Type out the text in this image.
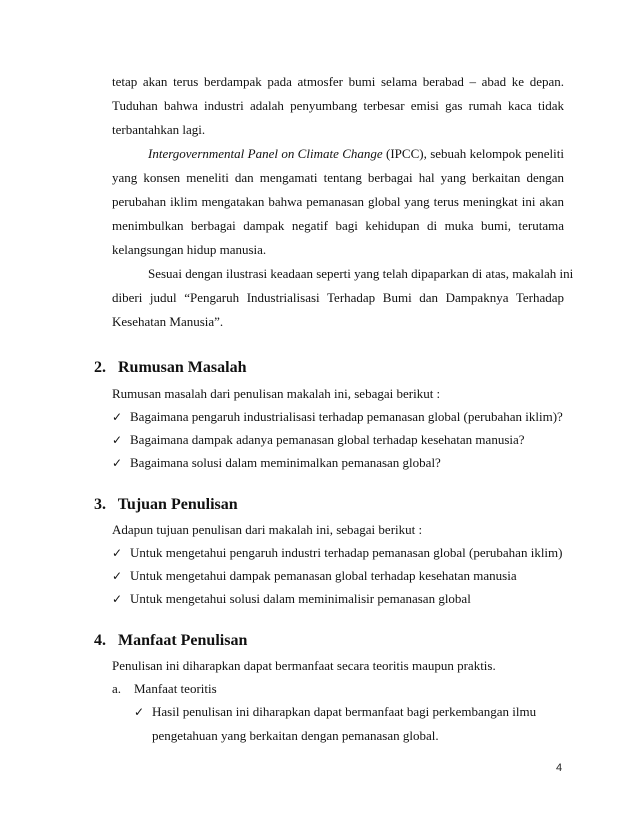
tetap akan terus berdampak pada atmosfer bumi selama berabad – abad ke depan.
Tuduhan bahwa industri adalah penyumbang terbesar emisi gas rumah kaca tidak
terbantahkan lagi.
Intergovernmental Panel on Climate Change (IPCC), sebuah kelompok peneliti
yang konsen meneliti dan mengamati tentang berbagai hal yang berkaitan dengan
perubahan iklim mengatakan bahwa pemanasan global yang terus meningkat ini akan
menimbulkan berbagai dampak negatif bagi kehidupan di muka bumi, terutama
kelangsungan hidup manusia.
Sesuai dengan ilustrasi keadaan seperti yang telah dipaparkan di atas, makalah ini
diberi judul “Pengaruh Industrialisasi Terhadap Bumi dan Dampaknya Terhadap
Kesehatan Manusia”.
2. Rumusan Masalah
Rumusan masalah dari penulisan makalah ini, sebagai berikut :
✓ Bagaimana pengaruh industrialisasi terhadap pemanasan global (perubahan iklim)?
✓ Bagaimana dampak adanya pemanasan global terhadap kesehatan manusia?
✓ Bagaimana solusi dalam meminimalkan pemanasan global?
3. Tujuan Penulisan
Adapun tujuan penulisan dari makalah ini, sebagai berikut :
✓ Untuk mengetahui pengaruh industri terhadap pemanasan global (perubahan iklim)
✓ Untuk mengetahui dampak pemanasan global terhadap kesehatan manusia
✓ Untuk mengetahui solusi dalam meminimalisir pemanasan global
4. Manfaat Penulisan
Penulisan ini diharapkan dapat bermanfaat secara teoritis maupun praktis.
a. Manfaat teoritis
✓ Hasil penulisan ini diharapkan dapat bermanfaat bagi perkembangan ilmu
pengetahuan yang berkaitan dengan pemanasan global.
4
